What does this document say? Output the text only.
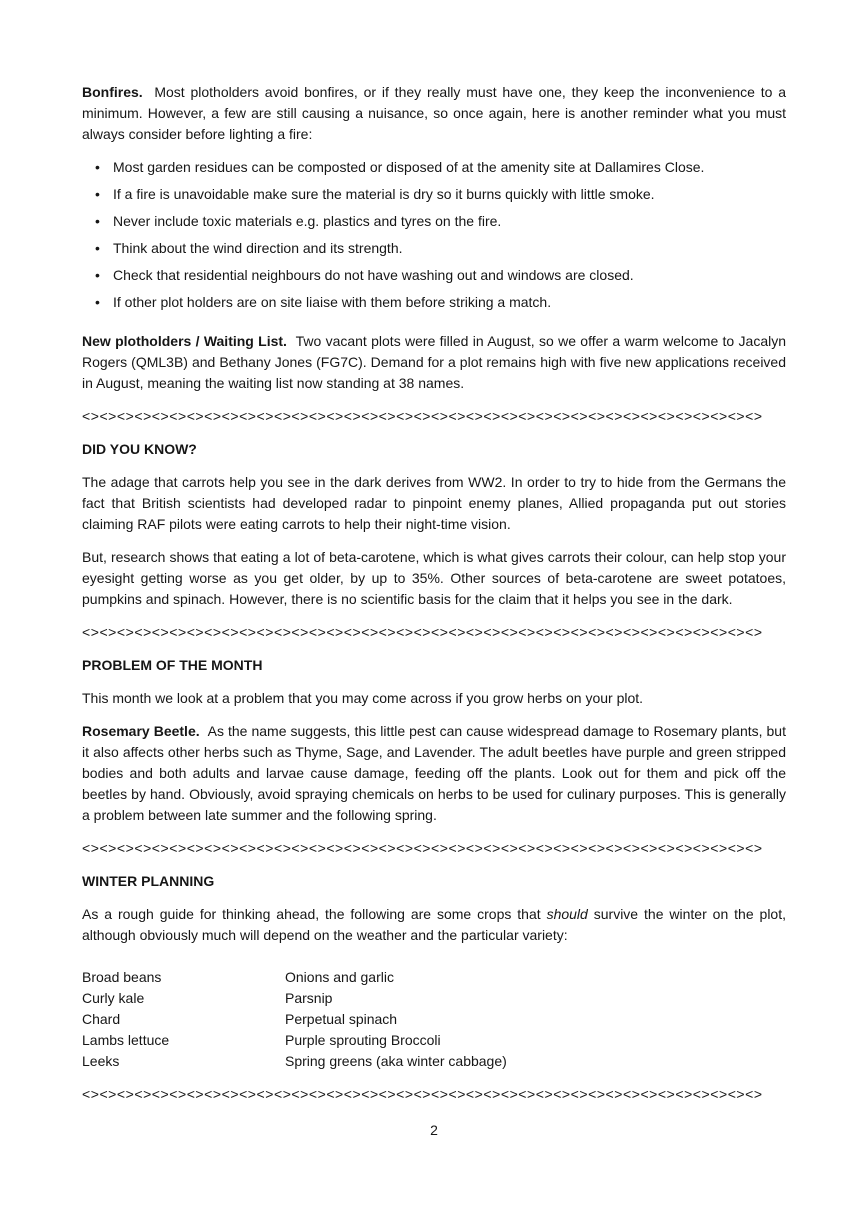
Bonfires. Most plotholders avoid bonfires, or if they really must have one, they keep the inconvenience to a minimum. However, a few are still causing a nuisance, so once again, here is another reminder what you must always consider before lighting a fire:

• Most garden residues can be composted or disposed of at the amenity site at Dallamires Close.
• If a fire is unavoidable make sure the material is dry so it burns quickly with little smoke.
• Never include toxic materials e.g. plastics and tyres on the fire.
• Think about the wind direction and its strength.
• Check that residential neighbours do not have washing out and windows are closed.
• If other plot holders are on site liaise with them before striking a match.

New plotholders / Waiting List. Two vacant plots were filled in August, so we offer a warm welcome to Jacalyn Rogers (QML3B) and Bethany Jones (FG7C). Demand for a plot remains high with five new applications received in August, meaning the waiting list now standing at 38 names.

<><><><><><><><><><><><><><><><><><><><><><><><><><><><><><><><><><><><><><><>

DID YOU KNOW?

The adage that carrots help you see in the dark derives from WW2. In order to try to hide from the Germans the fact that British scientists had developed radar to pinpoint enemy planes, Allied propaganda put out stories claiming RAF pilots were eating carrots to help their night-time vision.

But, research shows that eating a lot of beta-carotene, which is what gives carrots their colour, can help stop your eyesight getting worse as you get older, by up to 35%. Other sources of beta-carotene are sweet potatoes, pumpkins and spinach. However, there is no scientific basis for the claim that it helps you see in the dark.

<><><><><><><><><><><><><><><><><><><><><><><><><><><><><><><><><><><><><><><>

PROBLEM OF THE MONTH

This month we look at a problem that you may come across if you grow herbs on your plot.

Rosemary Beetle. As the name suggests, this little pest can cause widespread damage to Rosemary plants, but it also affects other herbs such as Thyme, Sage, and Lavender. The adult beetles have purple and green stripped bodies and both adults and larvae cause damage, feeding off the plants. Look out for them and pick off the beetles by hand. Obviously, avoid spraying chemicals on herbs to be used for culinary purposes. This is generally a problem between late summer and the following spring.

<><><><><><><><><><><><><><><><><><><><><><><><><><><><><><><><><><><><><><><>

WINTER PLANNING

As a rough guide for thinking ahead, the following are some crops that should survive the winter on the plot, although obviously much will depend on the weather and the particular variety:

Broad beans	Onions and garlic
Curly kale	Parsnip
Chard	Perpetual spinach
Lambs lettuce	Purple sprouting Broccoli
Leeks	Spring greens (aka winter cabbage)
<><><><><><><><><><><><><><><><><><><><><><><><><><><><><><><><><><><><><><><>
2
